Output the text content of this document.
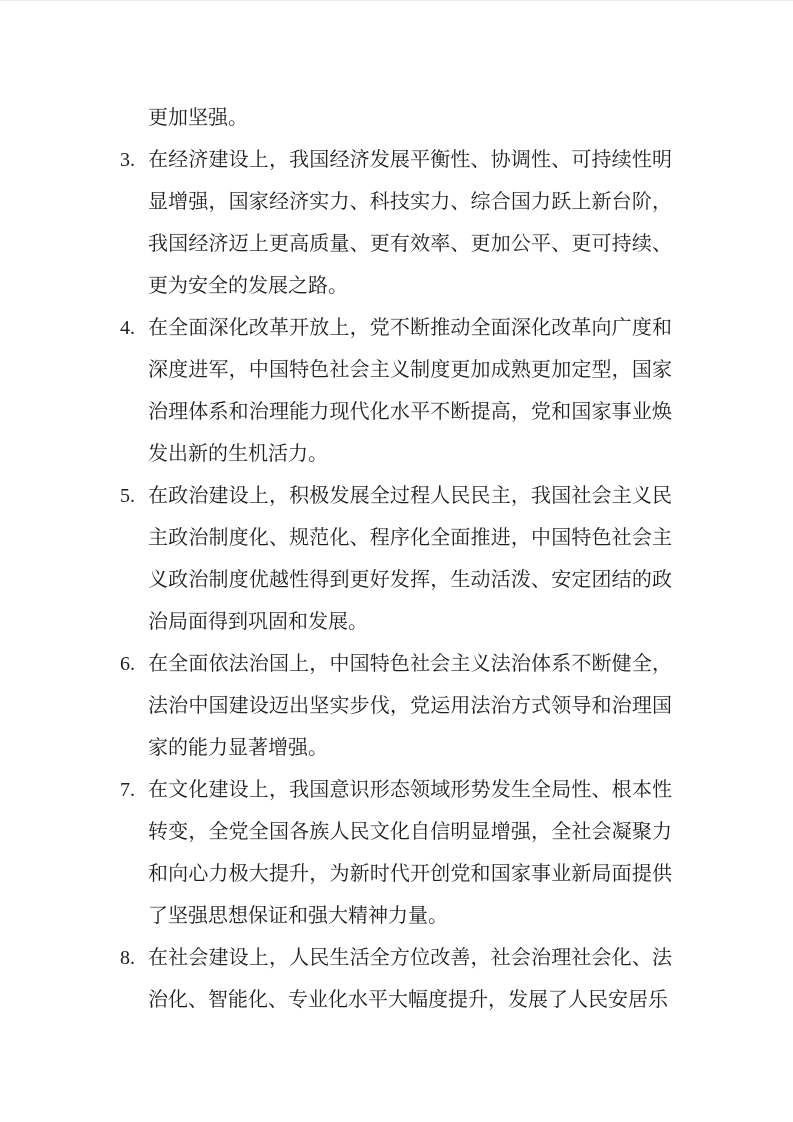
更加坚强。
3. 在经济建设上，我国经济发展平衡性、协调性、可持续性明显增强，国家经济实力、科技实力、综合国力跃上新台阶，我国经济迈上更高质量、更有效率、更加公平、更可持续、更为安全的发展之路。
4. 在全面深化改革开放上，党不断推动全面深化改革向广度和深度进军，中国特色社会主义制度更加成熟更加定型，国家治理体系和治理能力现代化水平不断提高，党和国家事业焕发出新的生机活力。
5. 在政治建设上，积极发展全过程人民民主，我国社会主义民主政治制度化、规范化、程序化全面推进，中国特色社会主义政治制度优越性得到更好发挥，生动活泼、安定团结的政治局面得到巩固和发展。
6. 在全面依法治国上，中国特色社会主义法治体系不断健全，法治中国建设迈出坚实步伐，党运用法治方式领导和治理国家的能力显著增强。
7. 在文化建设上，我国意识形态领域形势发生全局性、根本性转变，全党全国各族人民文化自信明显增强，全社会凝聚力和向心力极大提升，为新时代开创党和国家事业新局面提供了坚强思想保证和强大精神力量。
8. 在社会建设上，人民生活全方位改善，社会治理社会化、法治化、智能化、专业化水平大幅度提升，发展了人民安居乐
